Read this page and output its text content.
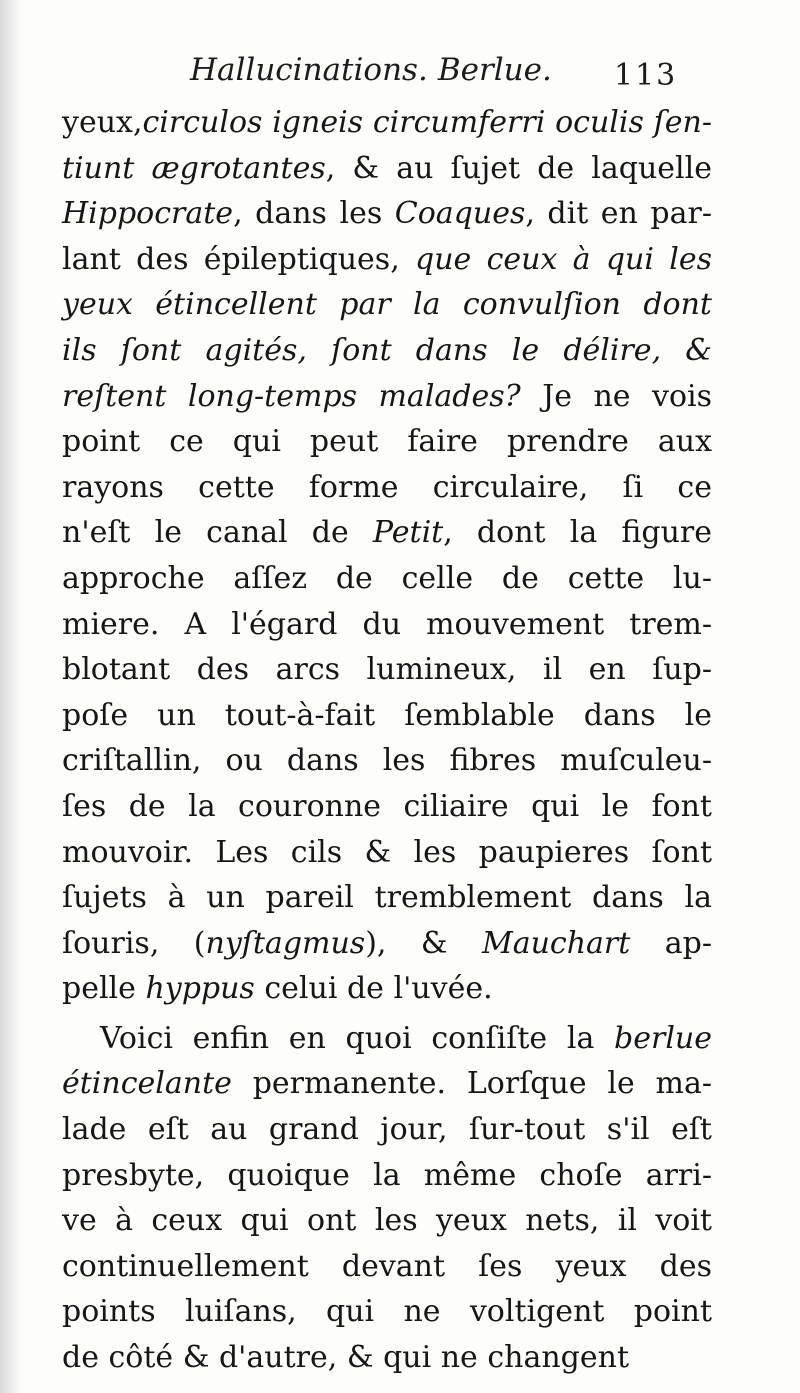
Hallucinations. Berlue.	113
yeux,circulos igneis circumferri oculis ſen-
tiunt ægrotantes, & au ſujet de laquelle
Hippocrate, dans les Coaques, dit en par-
lant des épileptiques, que ceux à qui les
yeux étincellent par la convulſion dont
ils ſont agités, ſont dans le délire, &
reſtent long-temps malades? Je ne vois
point ce qui peut faire prendre aux
rayons cette forme circulaire, ſi ce
n'eſt le canal de Petit, dont la figure
approche aſſez de celle de cette lu-
miere. A l'égard du mouvement trem-
blotant des arcs lumineux, il en ſup-
poſe un tout-à-fait ſemblable dans le
criſtallin, ou dans les fibres muſculeu-
ſes de la couronne ciliaire qui le font
mouvoir. Les cils & les paupieres ſont
ſujets à un pareil tremblement dans la
ſouris, (nyſtagmus), & Mauchart ap-
pelle hyppus celui de l'uvée.
Voici enfin en quoi conſiſte la berlue
étincelante permanente. Lorſque le ma-
lade eſt au grand jour, ſur-tout s'il eſt
presbyte, quoique la même choſe arri-
ve à ceux qui ont les yeux nets, il voit
continuellement devant ſes yeux des
points luiſans, qui ne voltigent point
de côté & d'autre, & qui ne changent
